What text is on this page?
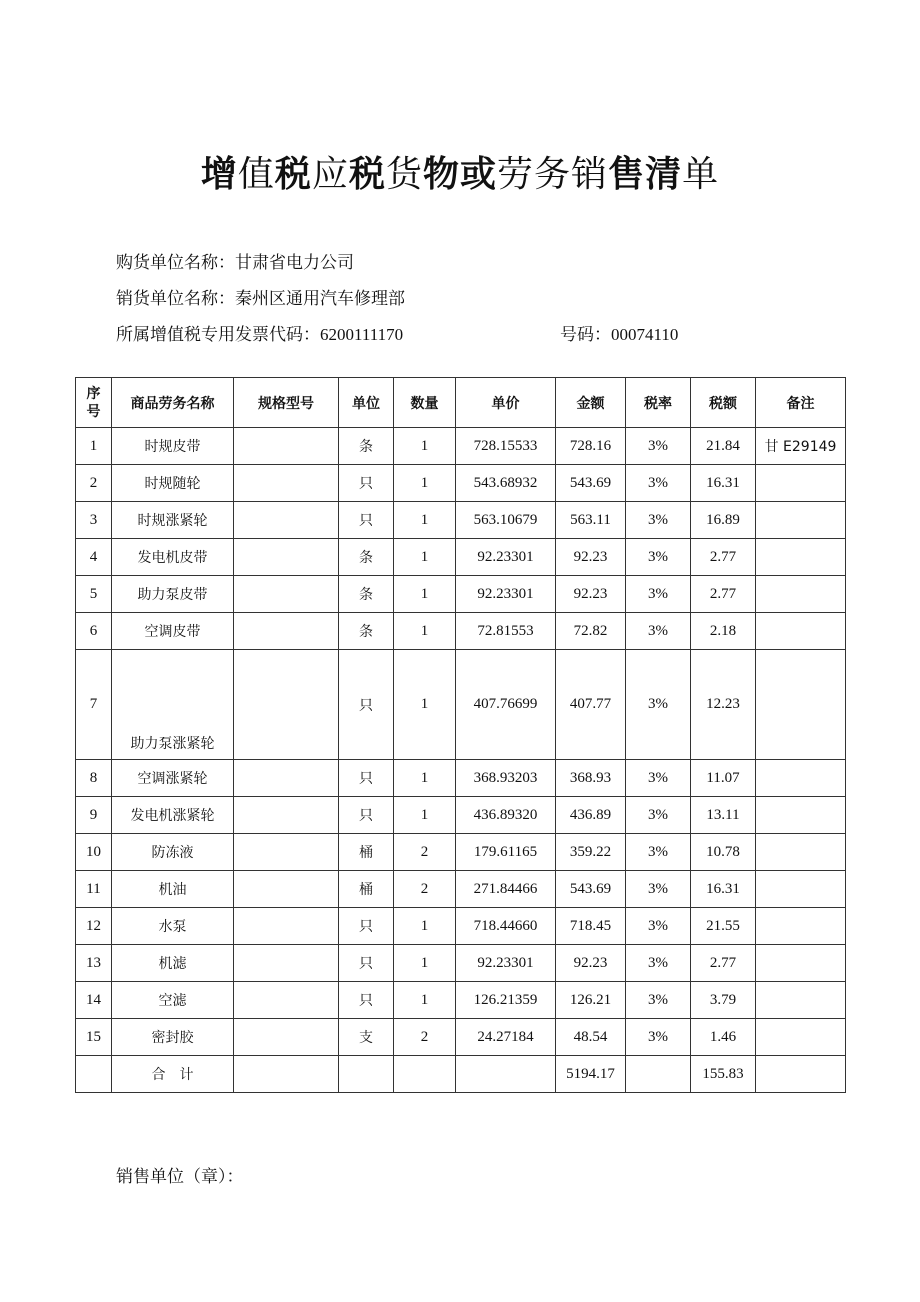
增值税应税货物或劳务销售清单
购货单位名称：甘肃省电力公司
销货单位名称：秦州区通用汽车修理部
所属增值税专用发票代码：6200111170	号码：00074110
序
号	商品劳务名称	规格型号	单位	数量	单价	金额	税率	税额	备注
1	时规皮带		条	1	728.15533	728.16	3%	21.84	甘 E29149
2	时规随轮		只	1	543.68932	543.69	3%	16.31	
3	时规涨紧轮		只	1	563.10679	563.11	3%	16.89	
4	发电机皮带		条	1	92.23301	92.23	3%	2.77	
5	助力泵皮带		条	1	92.23301	92.23	3%	2.77	
6	空调皮带		条	1	72.81553	72.82	3%	2.18	
7	助力泵涨紧轮		只	1	407.76699	407.77	3%	12.23	
8	空调涨紧轮		只	1	368.93203	368.93	3%	11.07	
9	发电机涨紧轮		只	1	436.89320	436.89	3%	13.11	
10	防冻液		桶	2	179.61165	359.22	3%	10.78	
11	机油		桶	2	271.84466	543.69	3%	16.31	
12	水泵		只	1	718.44660	718.45	3%	21.55	
13	机滤		只	1	92.23301	92.23	3%	2.77	
14	空滤		只	1	126.21359	126.21	3%	3.79	
15	密封胶		支	2	24.27184	48.54	3%	1.46	
	合　计					5194.17		155.83	
销售单位（章）：
